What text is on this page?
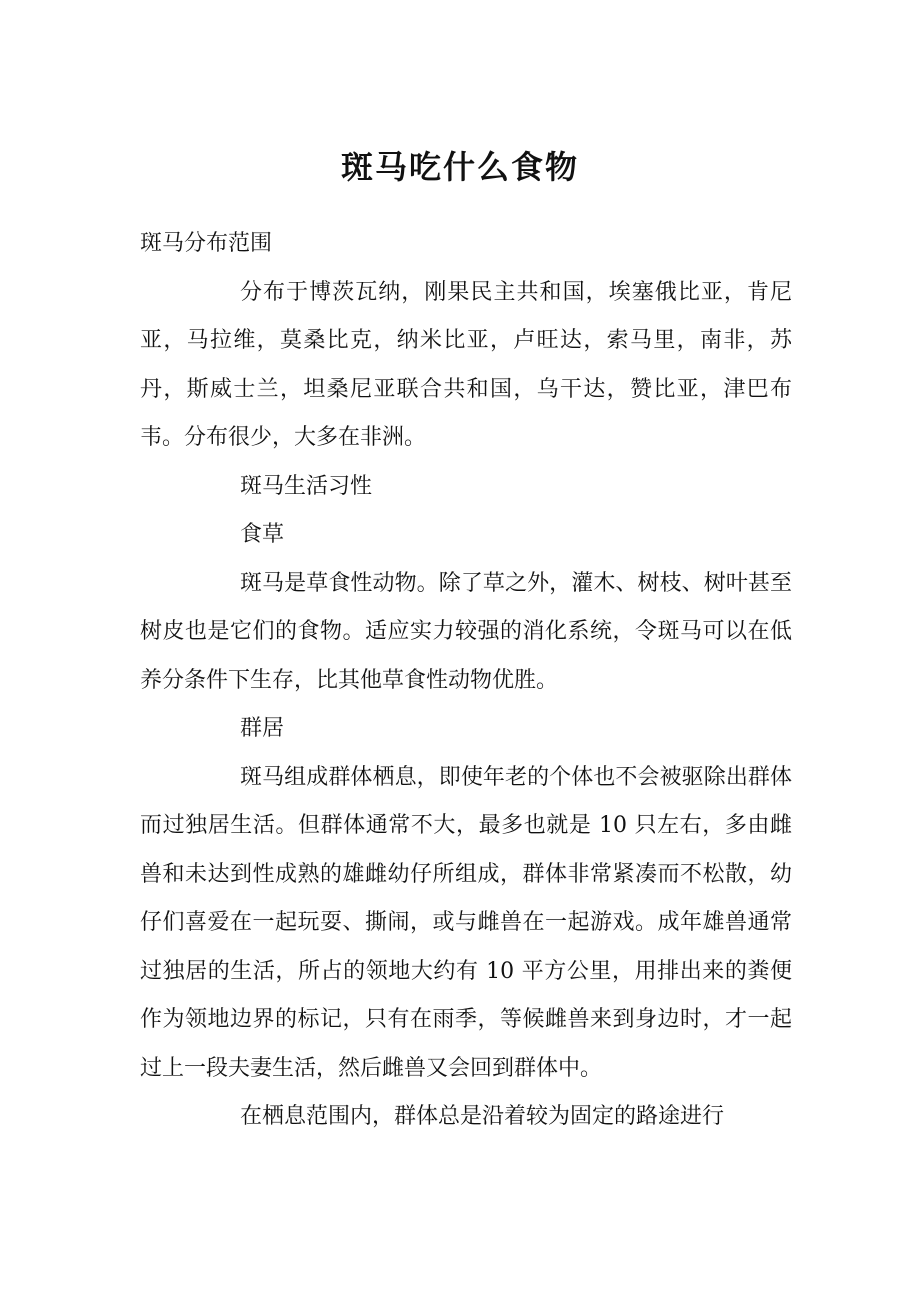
斑马吃什么食物

斑马分布范围

分布于博茨瓦纳，刚果民主共和国，埃塞俄比亚，肯尼亚，马拉维，莫桑比克，纳米比亚，卢旺达，索马里，南非，苏丹，斯威士兰，坦桑尼亚联合共和国，乌干达，赞比亚，津巴布韦。分布很少，大多在非洲。

斑马生活习性

食草

斑马是草食性动物。除了草之外，灌木、树枝、树叶甚至树皮也是它们的食物。适应实力较强的消化系统，令斑马可以在低养分条件下生存，比其他草食性动物优胜。

群居

斑马组成群体栖息，即使年老的个体也不会被驱除出群体而过独居生活。但群体通常不大，最多也就是 10 只左右，多由雌兽和未达到性成熟的雄雌幼仔所组成，群体非常紧凑而不松散，幼仔们喜爱在一起玩耍、撕闹，或与雌兽在一起游戏。成年雄兽通常过独居的生活，所占的领地大约有 10 平方公里，用排出来的粪便作为领地边界的标记，只有在雨季，等候雌兽来到身边时，才一起过上一段夫妻生活，然后雌兽又会回到群体中。

在栖息范围内，群体总是沿着较为固定的路途进行
